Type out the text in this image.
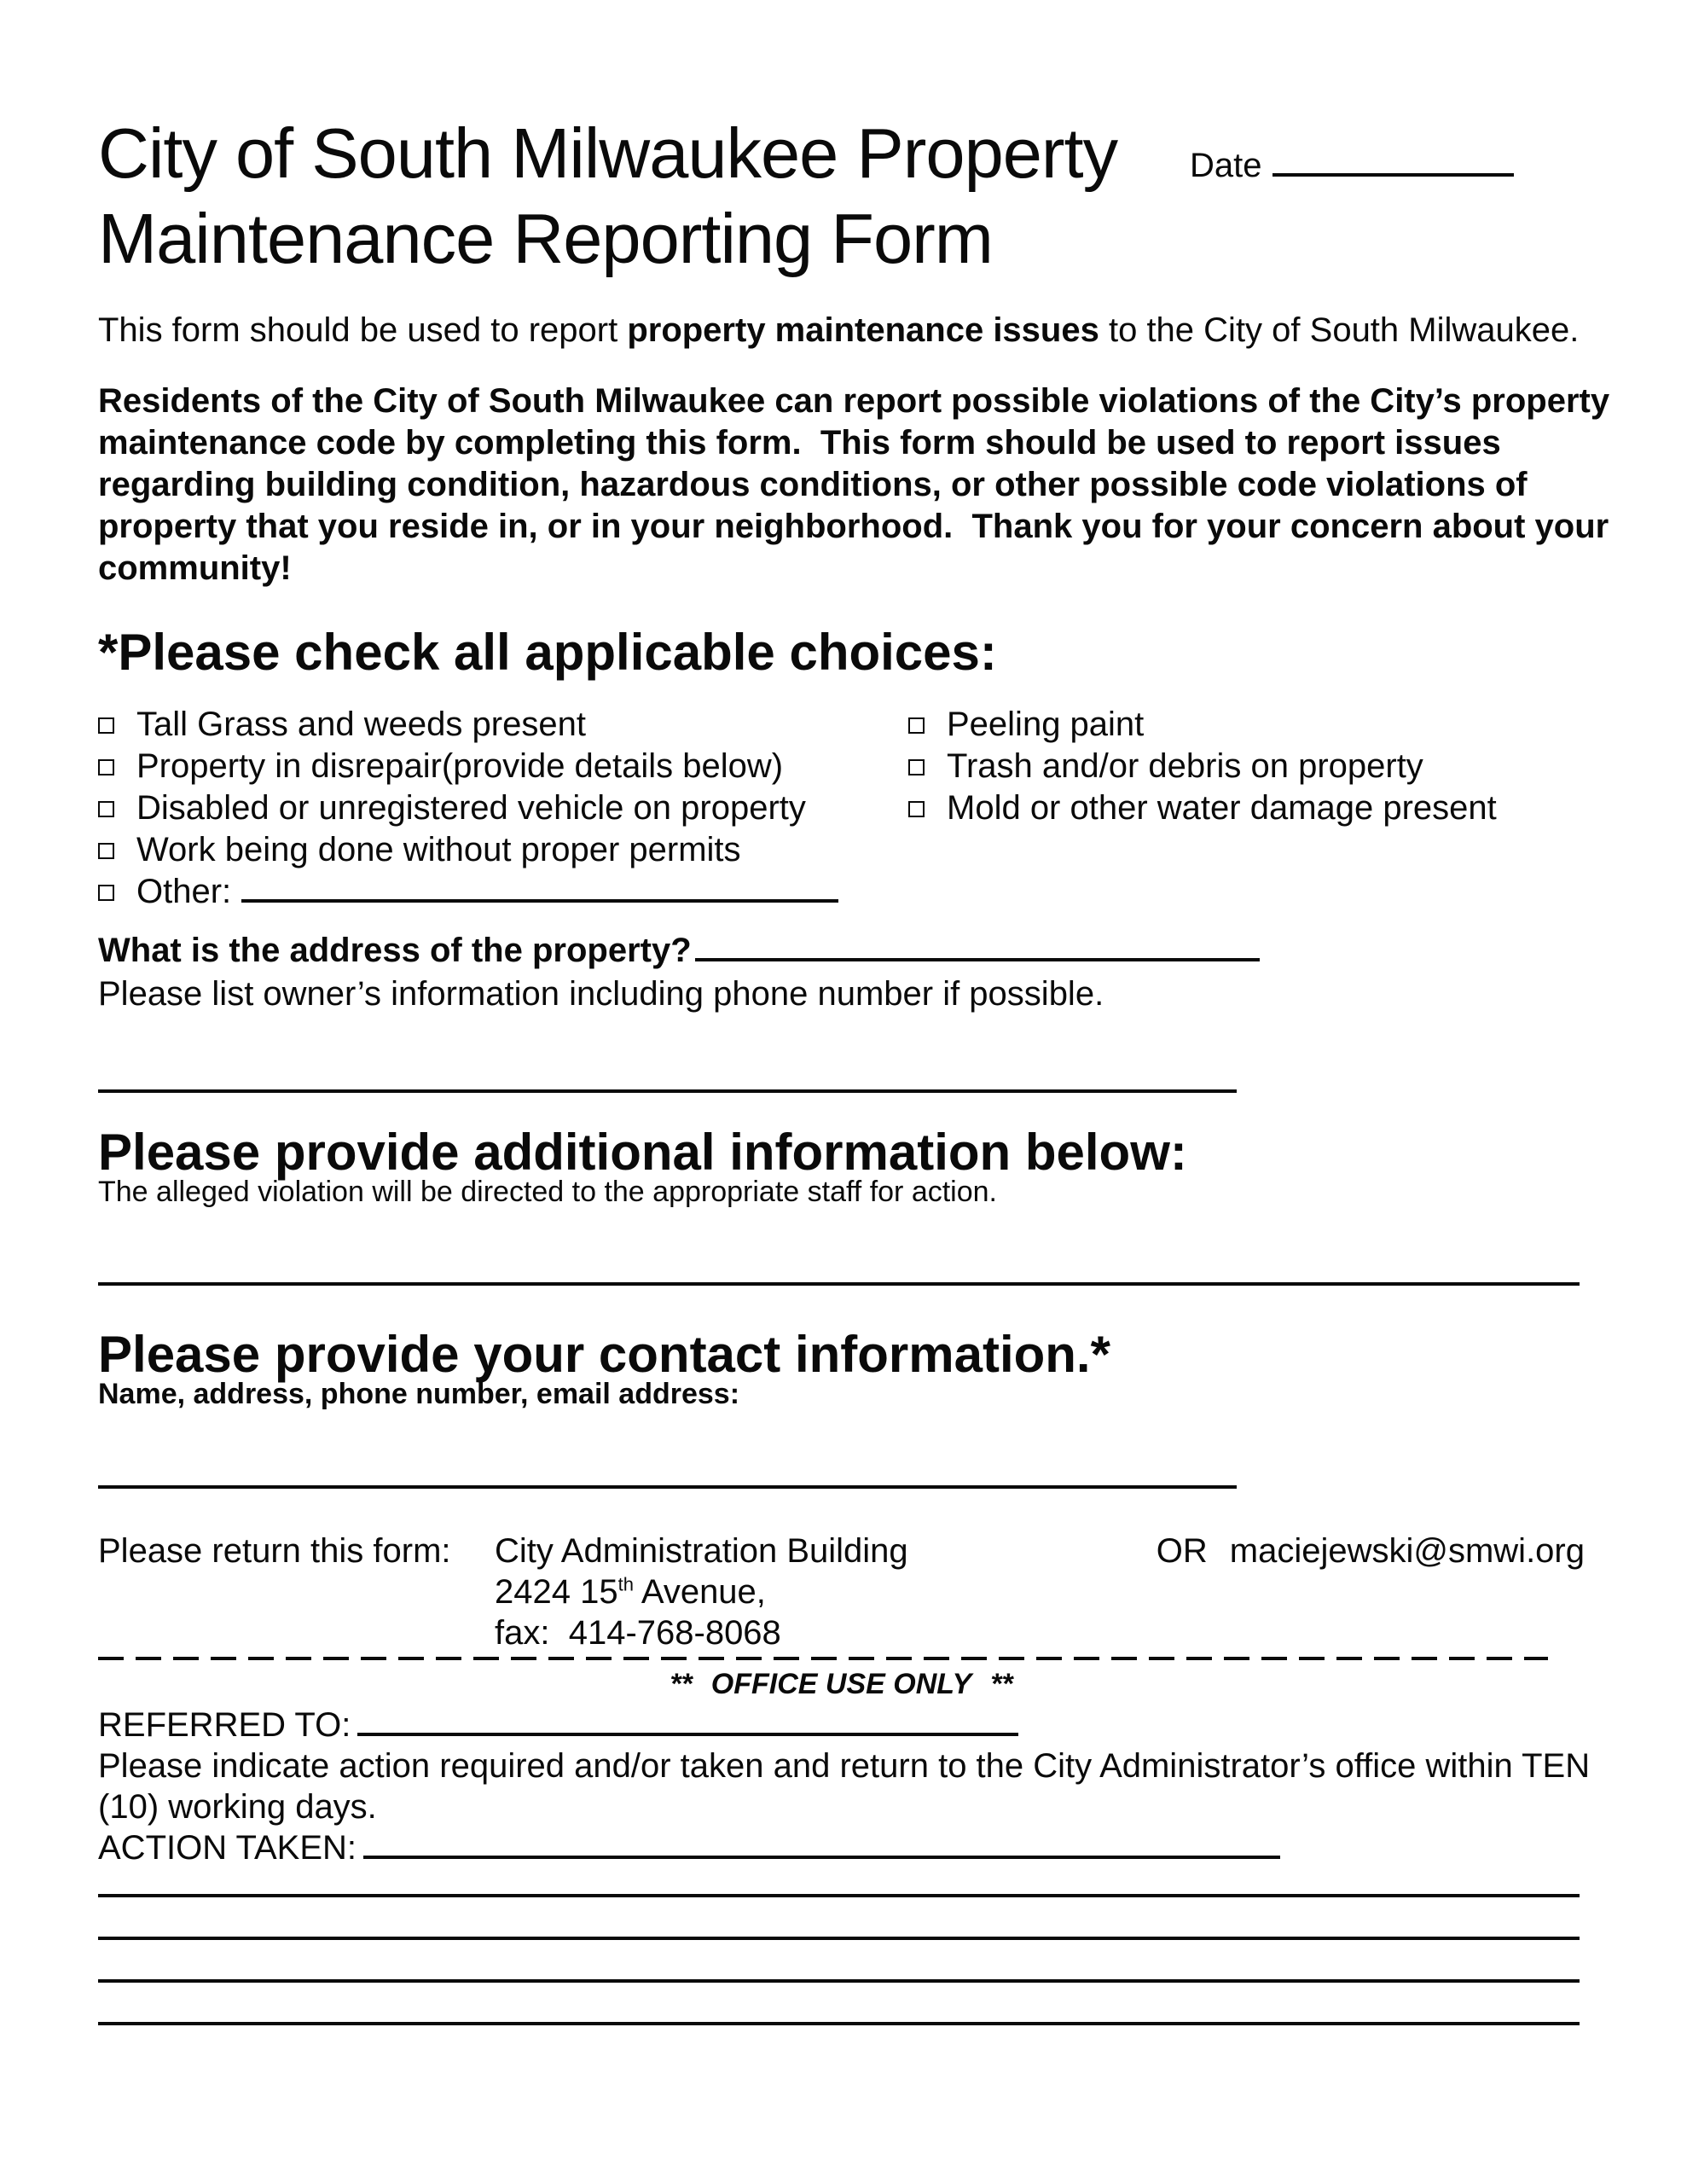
City of South Milwaukee Property Maintenance Reporting Form
Date

This form should be used to report property maintenance issues to the City of South Milwaukee.

Residents of the City of South Milwaukee can report possible violations of the City’s property maintenance code by completing this form.  This form should be used to report issues regarding building condition, hazardous conditions, or other possible code violations of property that you reside in, or in your neighborhood.  Thank you for your concern about your community!

*Please check all applicable choices:
Tall Grass and weeds present
Property in disrepair(provide details below)
Disabled or unregistered vehicle on property
Work being done without proper permits
Other:
Peeling paint
Trash and/or debris on property
Mold or other water damage present
What is the address of the property?

Please list owner’s information including phone number if possible.

Please provide additional information below:

The alleged violation will be directed to the appropriate staff for action.

Please provide your contact information.*

Name, address, phone number, email address:

Please return this form:	City Administration Building
2424 15th Avenue,
fax:  414-768-8068
OR maciejewski@smwi.org
** OFFICE USE ONLY **
REFERRED TO:

Please indicate action required and/or taken and return to the City Administrator’s office within TEN (10) working days.

ACTION TAKEN:
